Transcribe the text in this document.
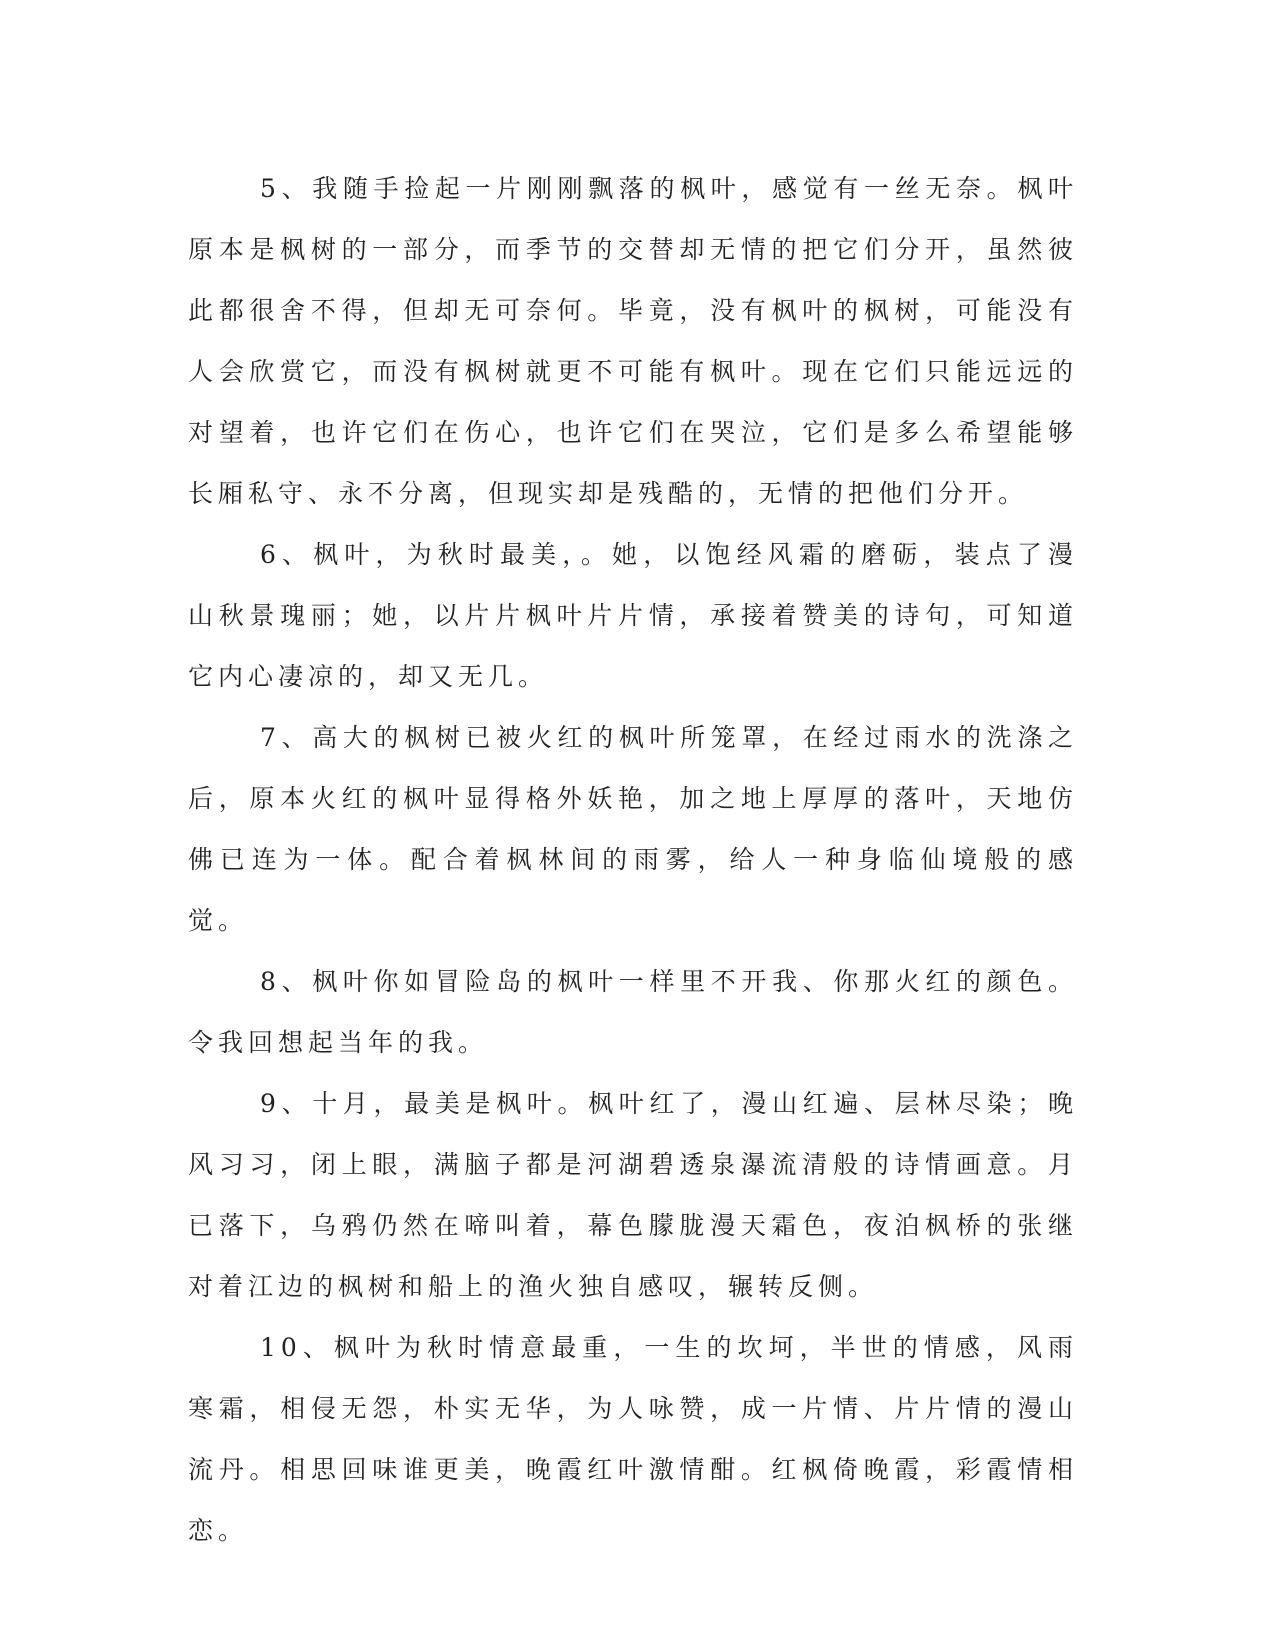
5、我随手捡起一片刚刚飘落的枫叶，感觉有一丝无奈。枫叶原本是枫树的一部分，而季节的交替却无情的把它们分开，虽然彼此都很舍不得，但却无可奈何。毕竟，没有枫叶的枫树，可能没有人会欣赏它，而没有枫树就更不可能有枫叶。现在它们只能远远的对望着，也许它们在伤心，也许它们在哭泣，它们是多么希望能够长厢私守、永不分离，但现实却是残酷的，无情的把他们分开。

6、枫叶，为秋时最美，。她，以饱经风霜的磨砺，装点了漫山秋景瑰丽；她，以片片枫叶片片情，承接着赞美的诗句，可知道它内心凄凉的，却又无几。

7、高大的枫树已被火红的枫叶所笼罩，在经过雨水的洗涤之后，原本火红的枫叶显得格外妖艳，加之地上厚厚的落叶，天地仿佛已连为一体。配合着枫林间的雨雾，给人一种身临仙境般的感觉。

8、枫叶你如冒险岛的枫叶一样里不开我、你那火红的颜色。令我回想起当年的我。

9、十月，最美是枫叶。枫叶红了，漫山红遍、层林尽染；晚风习习，闭上眼，满脑子都是河湖碧透泉瀑流清般的诗情画意。月已落下，乌鸦仍然在啼叫着，幕色朦胧漫天霜色，夜泊枫桥的张继对着江边的枫树和船上的渔火独自感叹，辗转反侧。

10、枫叶为秋时情意最重，一生的坎坷，半世的情感，风雨寒霜，相侵无怨，朴实无华，为人咏赞，成一片情、片片情的漫山流丹。相思回味谁更美，晚霞红叶激情酣。红枫倚晚霞，彩霞情相恋。
